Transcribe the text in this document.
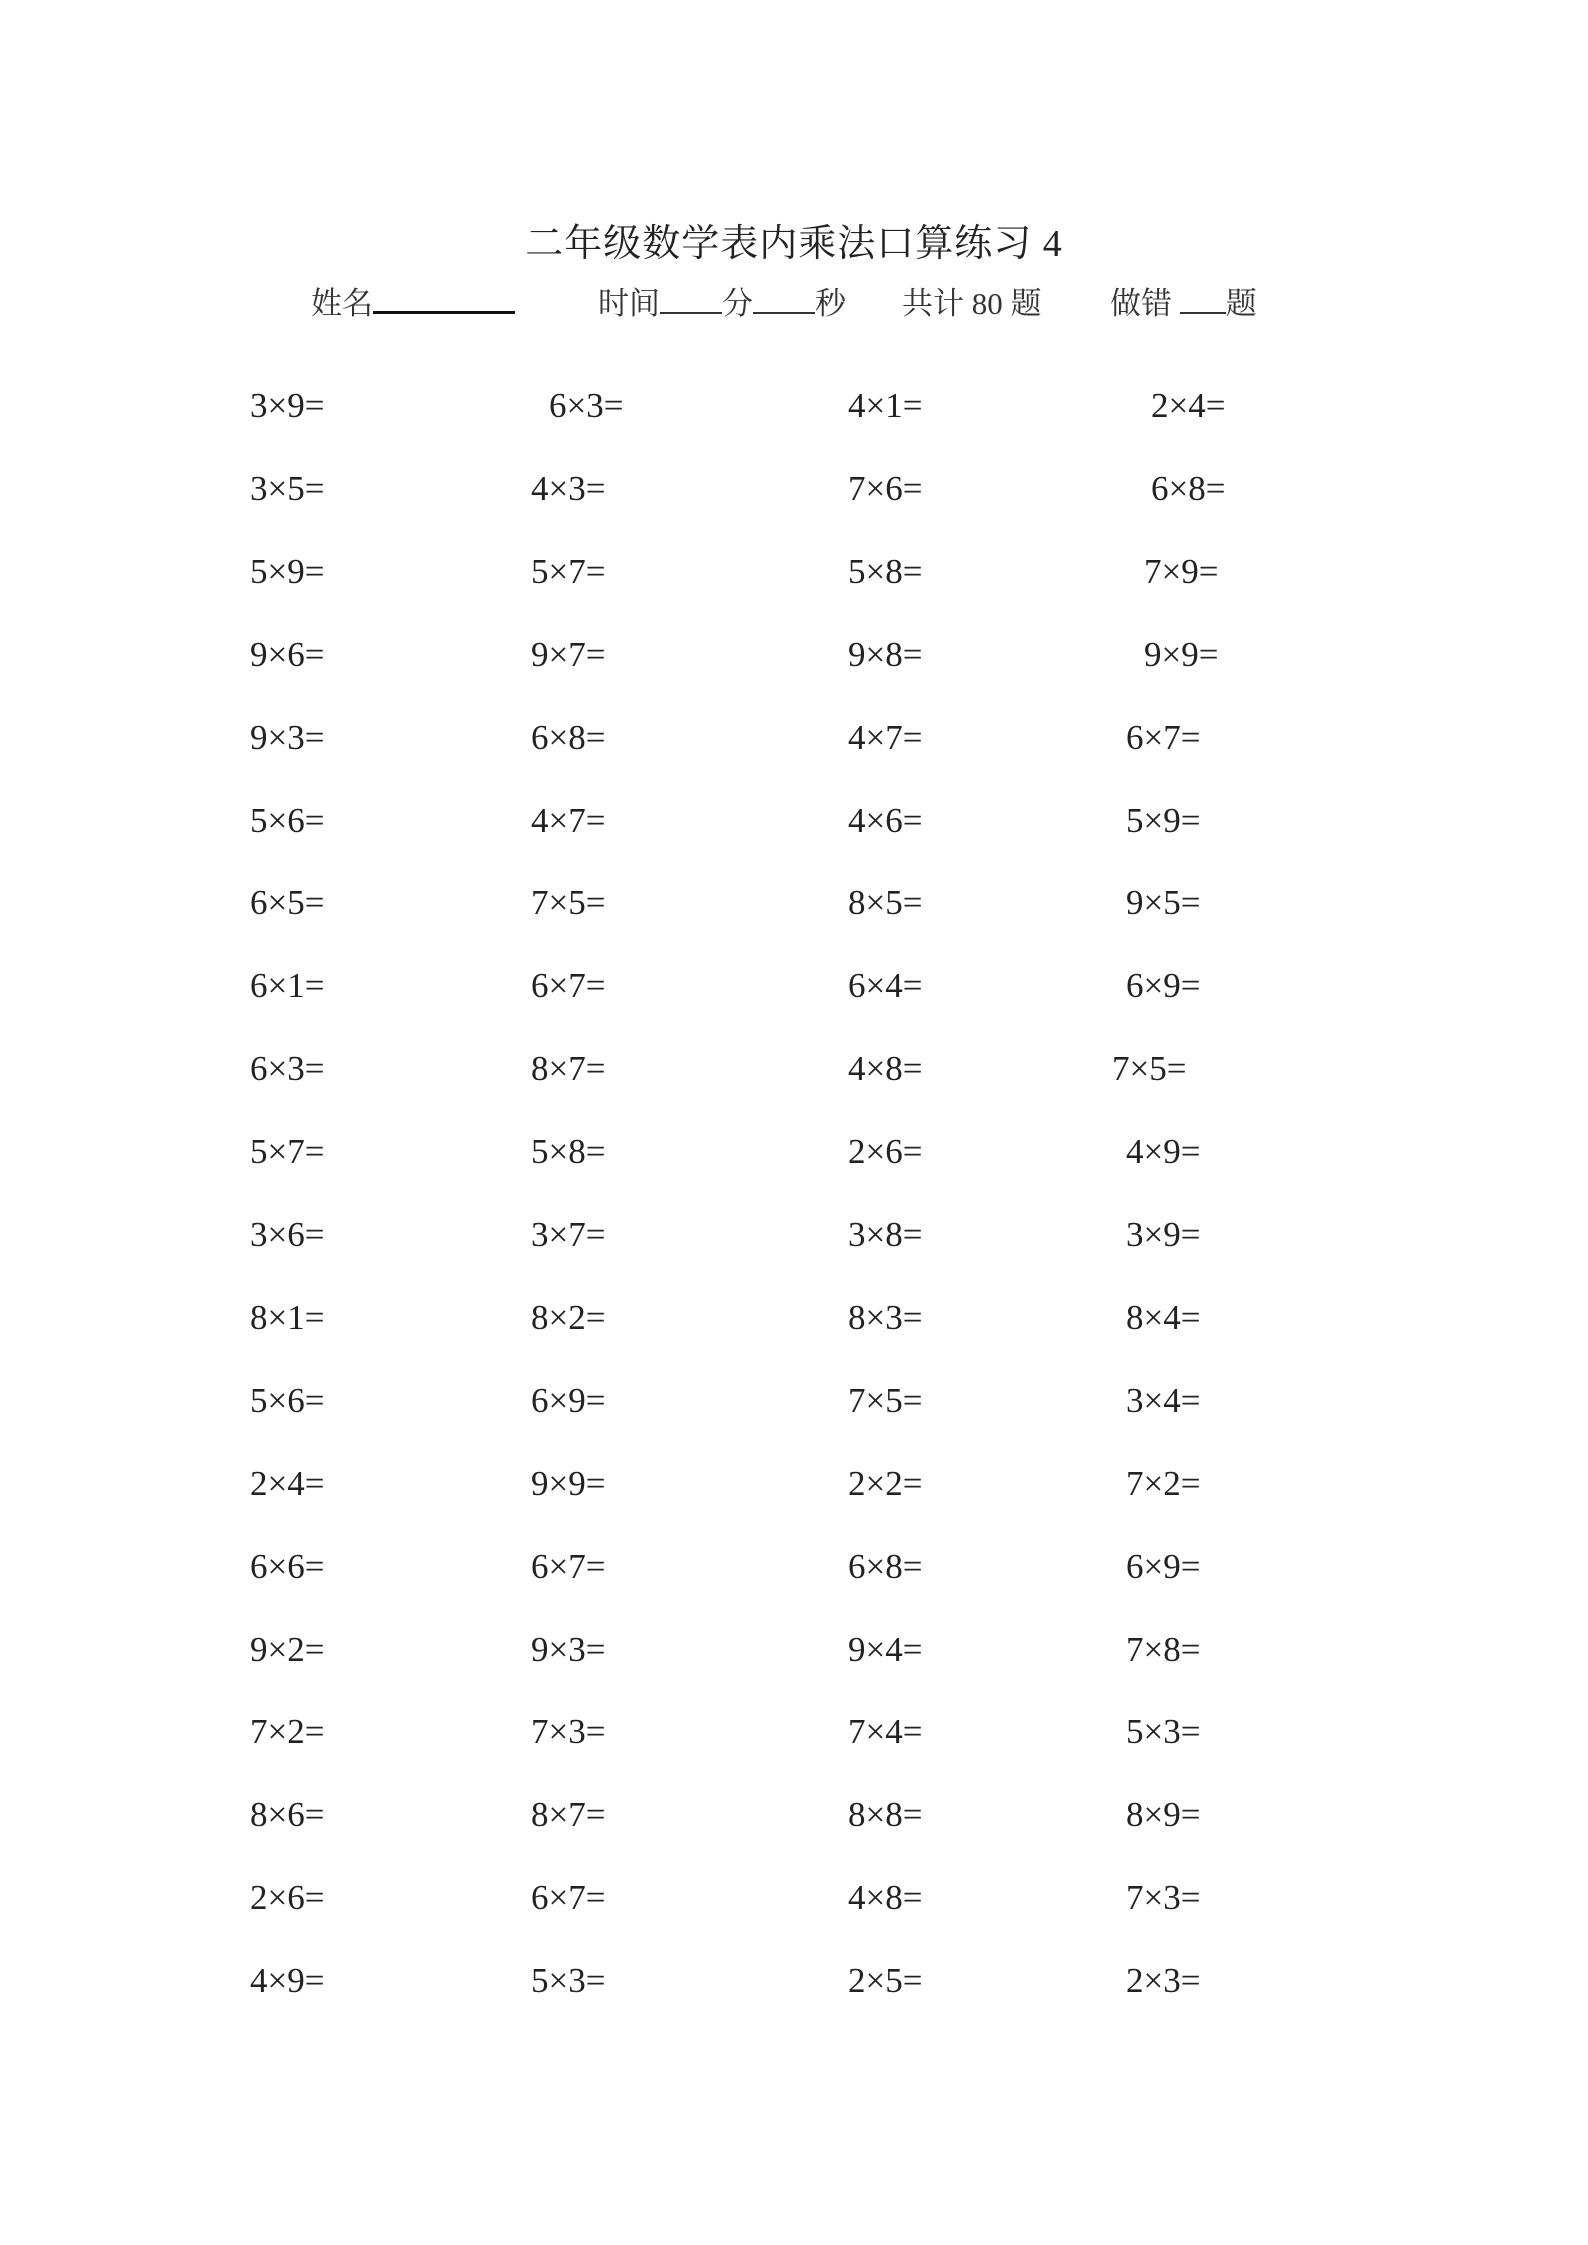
二年级数学表内乘法口算练习 4
姓名	时间 分 秒 共计 80 题 做错 题
3×9=	6×3=	4×1=	2×4=
3×5=	4×3=	7×6=	6×8=
5×9=	5×7=	5×8=	7×9=
9×6=	9×7=	9×8=	9×9=
9×3=	6×8=	4×7=	6×7=
5×6=	4×7=	4×6=	5×9=
6×5=	7×5=	8×5=	9×5=
6×1=	6×7=	6×4=	6×9=
6×3=	8×7=	4×8=	7×5=
5×7=	5×8=	2×6=	4×9=
3×6=	3×7=	3×8=	3×9=
8×1=	8×2=	8×3=	8×4=
5×6=	6×9=	7×5=	3×4=
2×4=	9×9=	2×2=	7×2=
6×6=	6×7=	6×8=	6×9=
9×2=	9×3=	9×4=	7×8=
7×2=	7×3=	7×4=	5×3=
8×6=	8×7=	8×8=	8×9=
2×6=	6×7=	4×8=	7×3=
4×9=	5×3=	2×5=	2×3=
